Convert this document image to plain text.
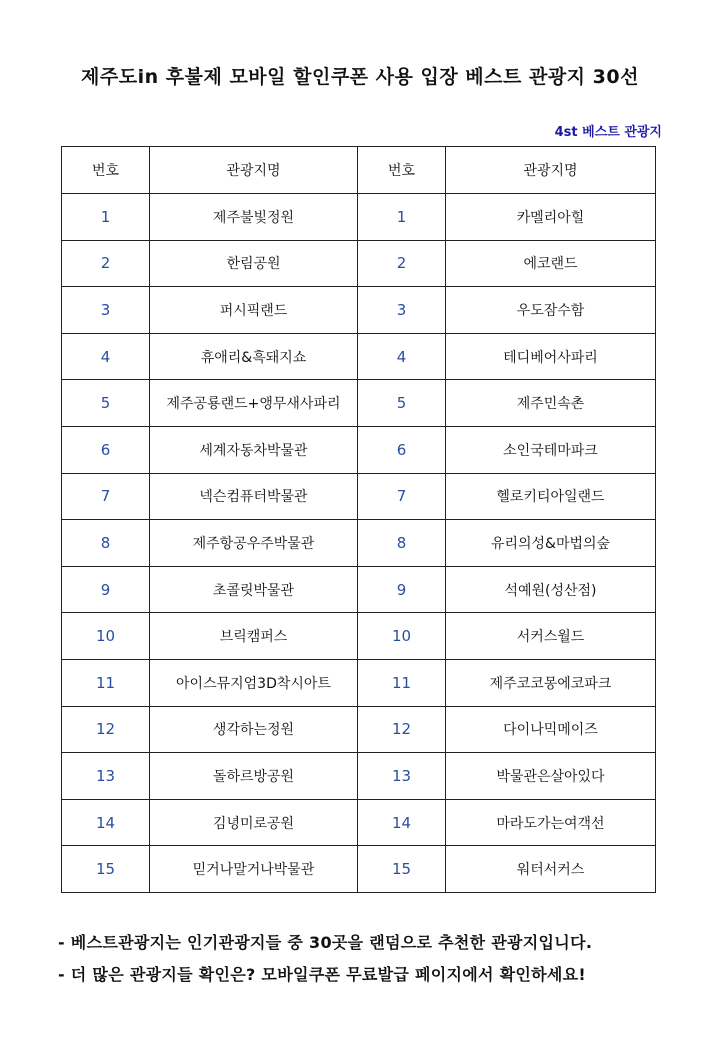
제주도in 후불제 모바일 할인쿠폰 사용 입장 베스트 관광지 30선
4st 베스트 관광지
번호	관광지명	번호	관광지명
1	제주불빛정원	1	카멜리아힐
2	한림공원	2	에코랜드
3	퍼시픽랜드	3	우도잠수함
4	휴애리&흑돼지쇼	4	테디베어사파리
5	제주공룡랜드+앵무새사파리	5	제주민속촌
6	세계자동차박물관	6	소인국테마파크
7	넥슨컴퓨터박물관	7	헬로키티아일랜드
8	제주항공우주박물관	8	유리의성&마법의숲
9	초콜릿박물관	9	석예원(성산점)
10	브릭캠퍼스	10	서커스월드
11	아이스뮤지엄3D착시아트	11	제주코코몽에코파크
12	생각하는정원	12	다이나믹메이즈
13	돌하르방공원	13	박물관은살아있다
14	김녕미로공원	14	마라도가는여객선
15	믿거나말거나박물관	15	워터서커스
- 베스트관광지는 인기관광지들 중 30곳을 랜덤으로 추천한 관광지입니다.
- 더 많은 관광지들 확인은? 모바일쿠폰 무료발급 페이지에서 확인하세요!
